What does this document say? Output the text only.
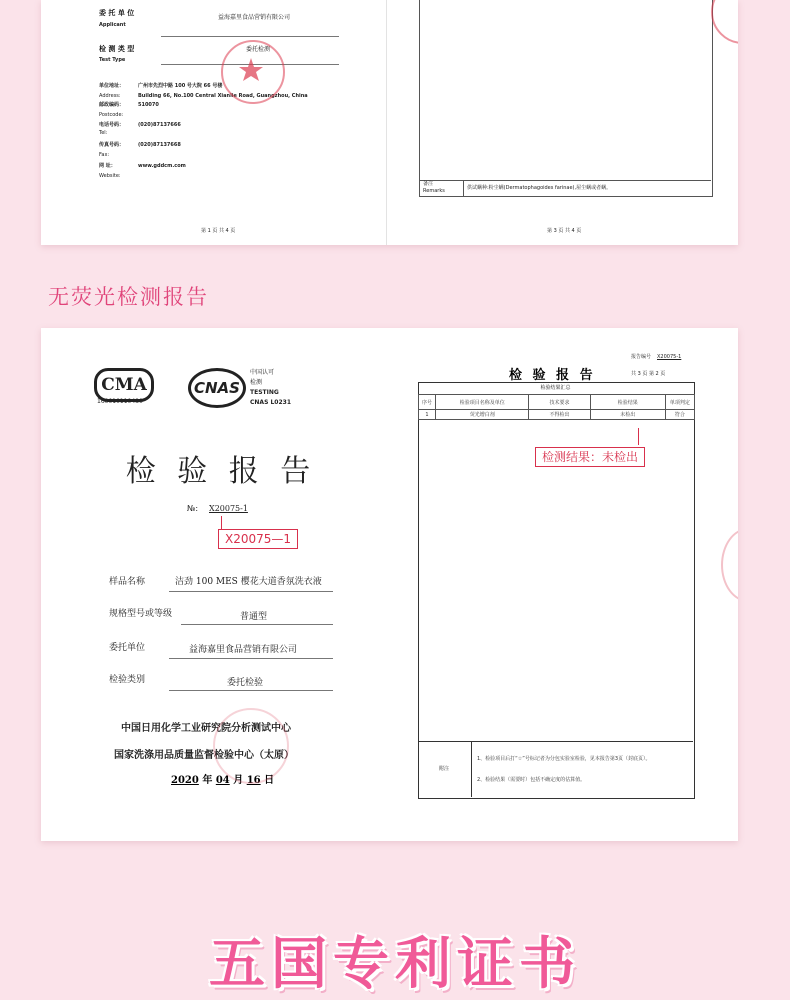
委 托 单 位
Applicant
益海嘉里食品营销有限公司
检 测 类 型
Test Type
委托检测
单位地址：	广州市先烈中路 100 号大院 66 号楼
Address:	Building 66, No.100 Central Xianlie Road, Guangzhou, China
邮政编码：	510070
Postcode:
电话号码：	(020)87137666
Tel:
传真号码：	(020)87137668
Fax:
网 址：	www.gddcm.com
Website:
第 1 页 共 4 页
备注
Remarks	供试螨种:粉尘螨(Dermatophagoides farinae),屋尘螨或者螨。
第 3 页 共 4 页
无荧光检测报告
CMA
160010110480
CNAS
中国认可
检测
TESTING
CNAS L0231
检 验 报 告
№: X20075-1
X20075—1
样品名称	洁劲 100 MES 樱花大道香氛洗衣液
规格型号或等级	普通型
委托单位	益海嘉里食品营销有限公司
检验类别	委托检验
中国日用化学工业研究院分析测试中心
国家洗涤用品质量监督检验中心（太原）
2020 年 04 月 16 日
报告编号 X20075-1
检 验 报 告	共 3 页 第 2 页
检验结果汇总
序号	检验项目名称及单位	技术要求	检验结果	单项判定
1	荧光增白剂	不得检出	未检出	符合
检测结果：未检出
附注
1、检验项目后打“☆”号标记者为分包实验室检验，见本报告第3页（封底页）。
2、检验结果（需要时）包括不确定度的估算值。
五国专利证书
